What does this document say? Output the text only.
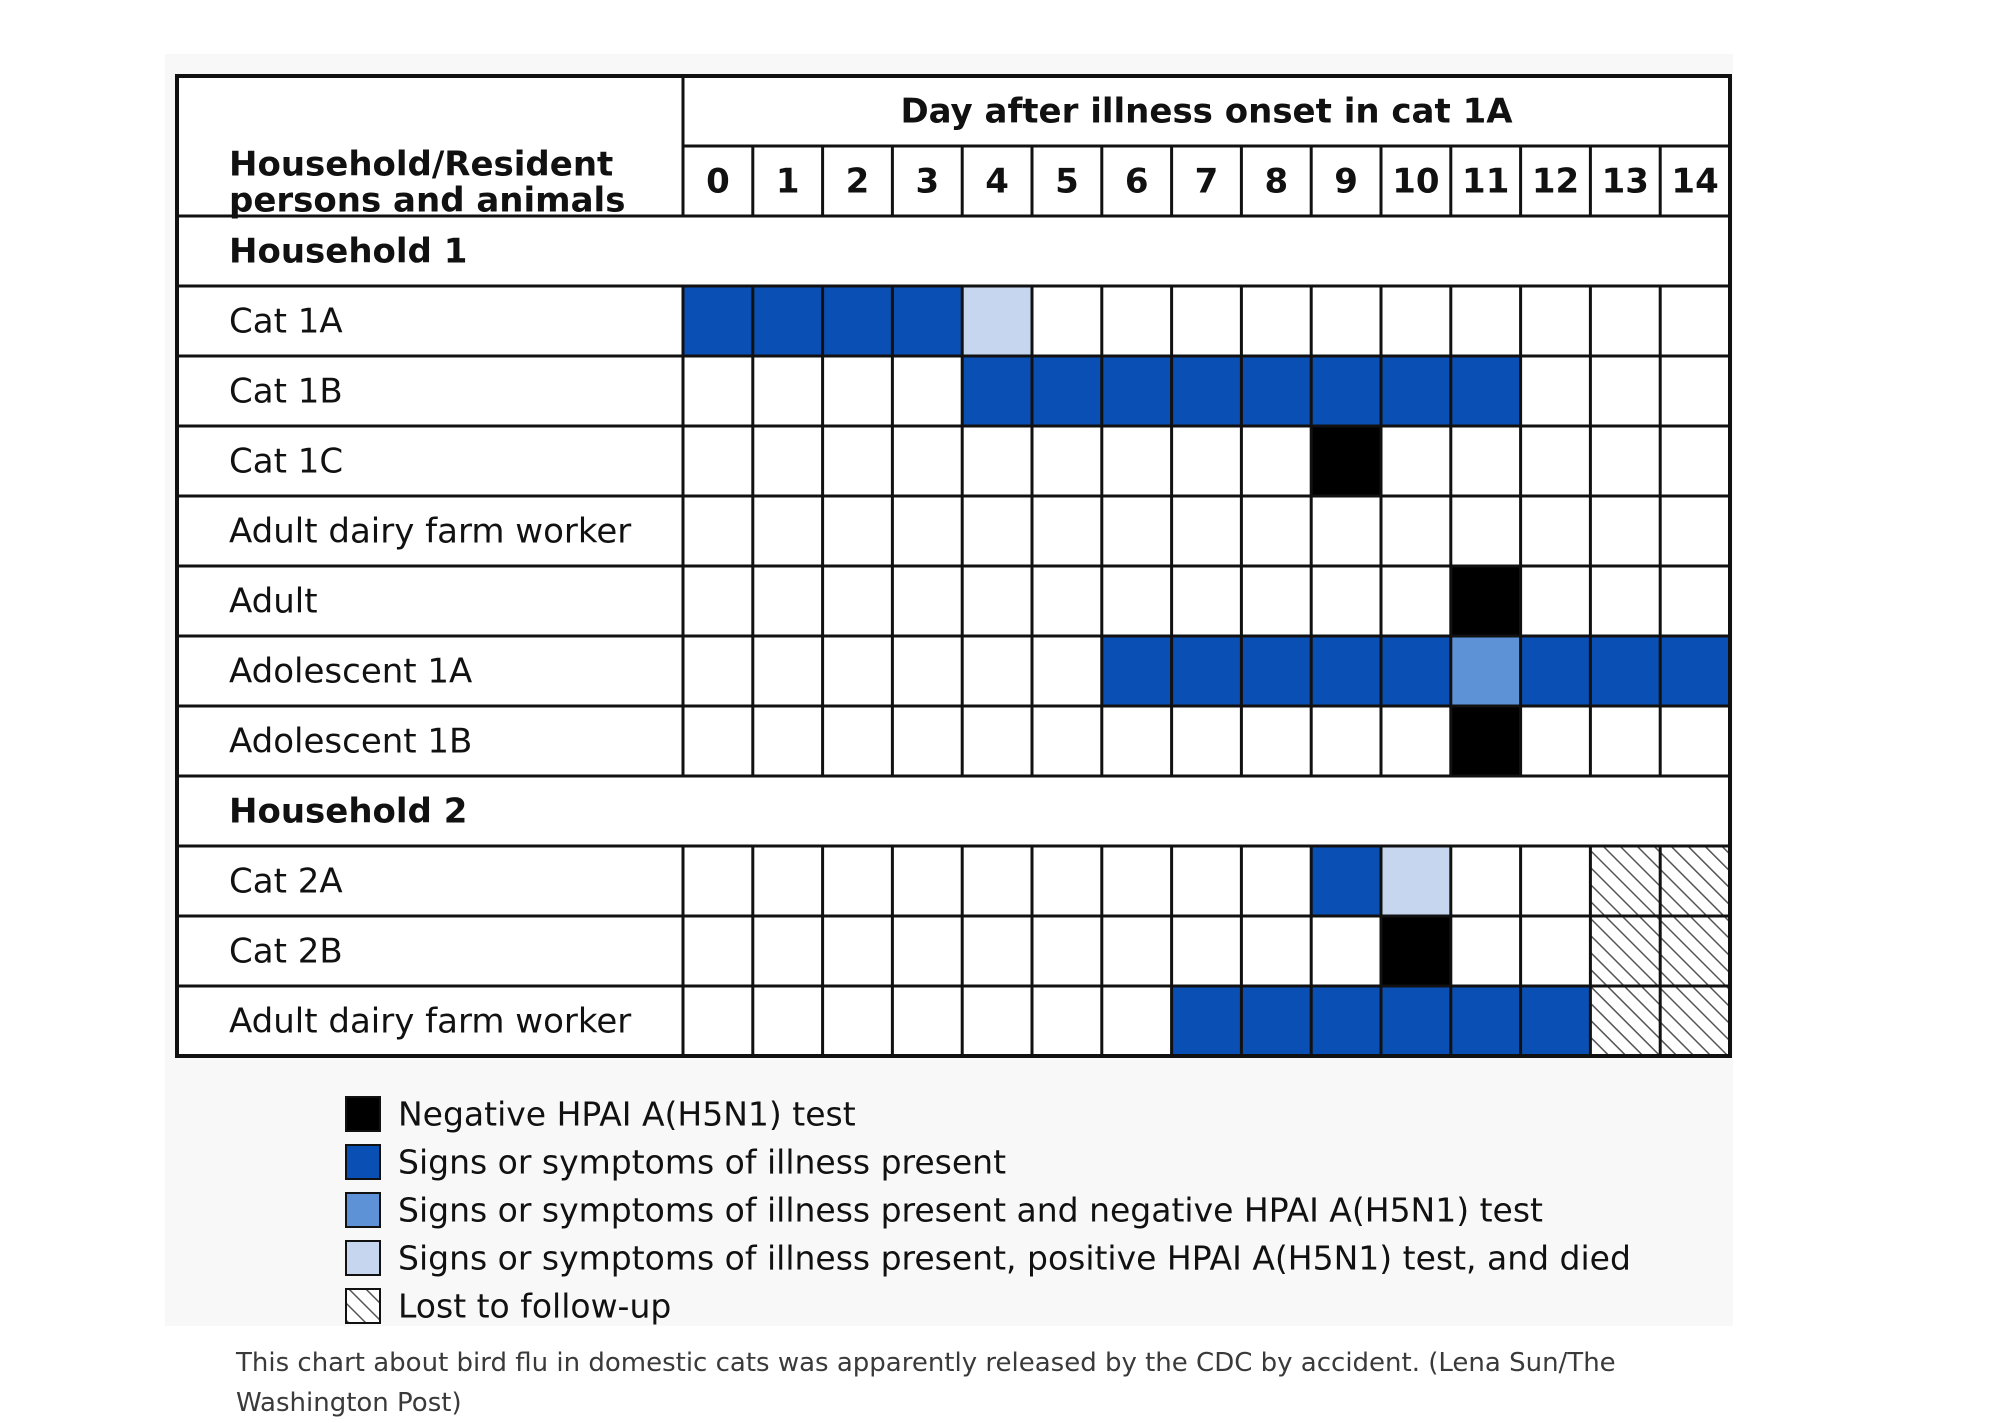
Household/Resident
persons and animals
Day after illness onset in cat 1A
0 1 2 3 4 5 6 7 8 9 10 11 12 13 14
Household 1
Cat 1A
Cat 1B
Cat 1C
Adult dairy farm worker
Adult
Adolescent 1A
Adolescent 1B
Household 2
Cat 2A
Cat 2B
Adult dairy farm worker
Negative HPAI A(H5N1) test
Signs or symptoms of illness present
Signs or symptoms of illness present and negative HPAI A(H5N1) test
Signs or symptoms of illness present, positive HPAI A(H5N1) test, and died
Lost to follow-up

This chart about bird flu in domestic cats was apparently released by the CDC by accident. (Lena Sun/The Washington Post)
